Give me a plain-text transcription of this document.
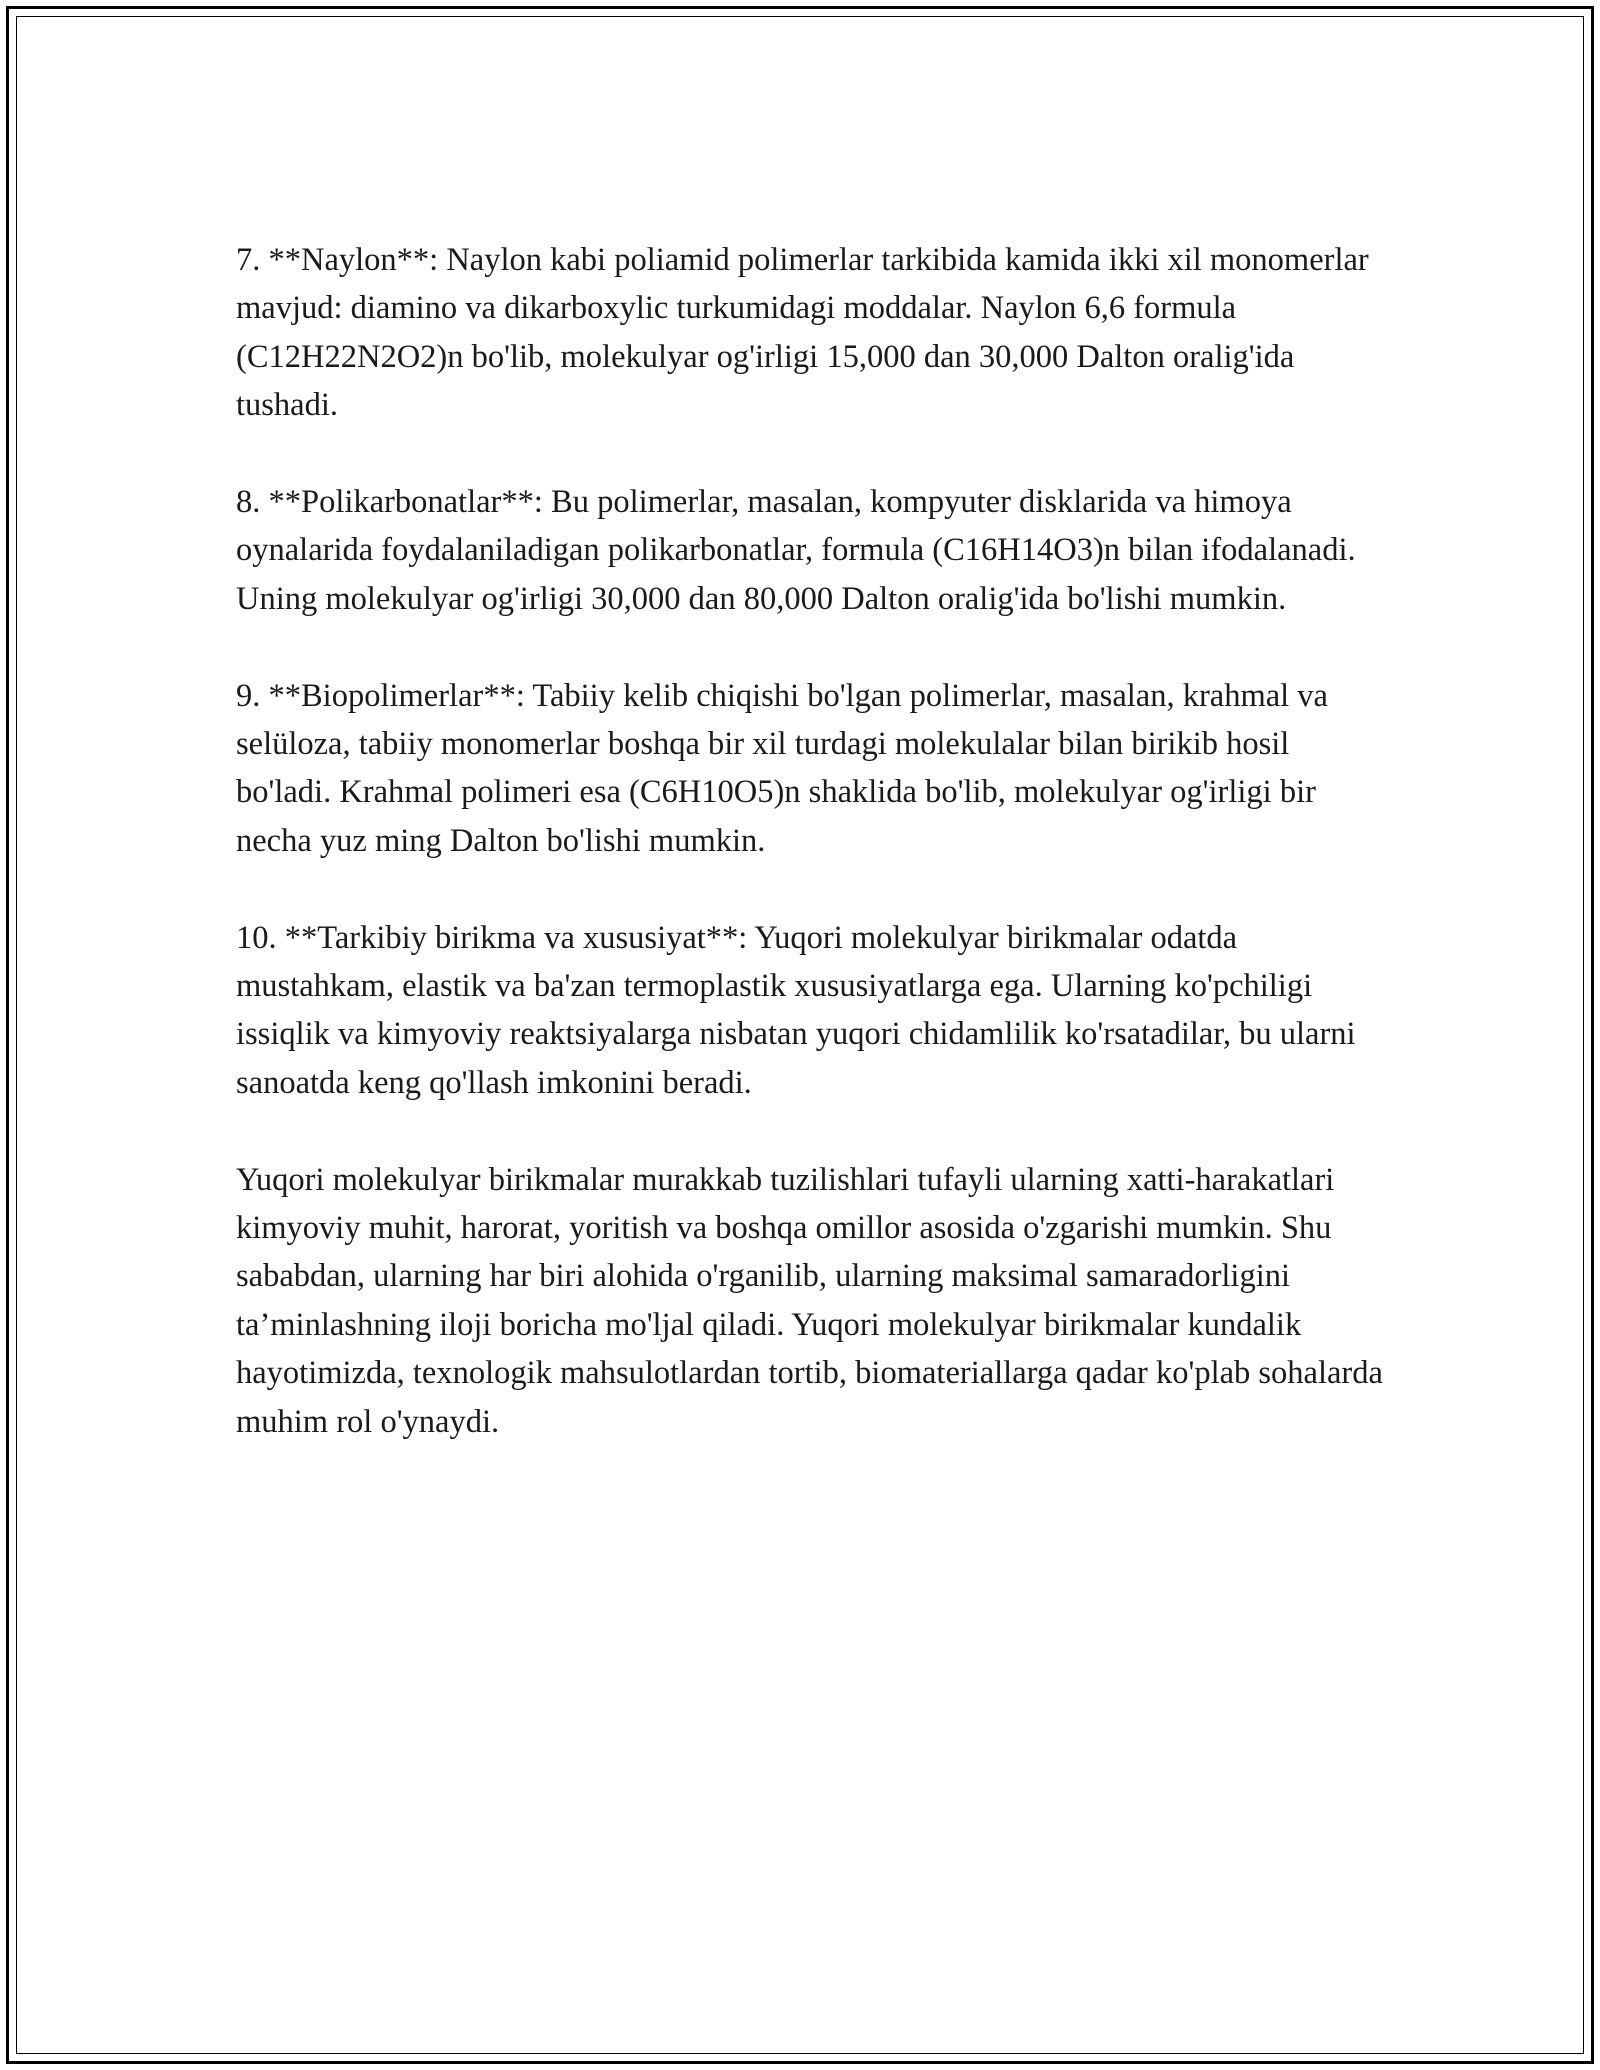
7. **Naylon**: Naylon kabi poliamid polimerlar tarkibida kamida ikki xil monomerlar mavjud: diamino va dikarboxylic turkumidagi moddalar. Naylon 6,6 formula (C12H22N2O2)n bo'lib, molekulyar og'irligi 15,000 dan 30,000 Dalton oralig'ida tushadi.

8. **Polikarbonatlar**: Bu polimerlar, masalan, kompyuter disklarida va himoya oynalarida foydalaniladigan polikarbonatlar, formula (C16H14O3)n bilan ifodalanadi. Uning molekulyar og'irligi 30,000 dan 80,000 Dalton oralig'ida bo'lishi mumkin.

9. **Biopolimerlar**: Tabiiy kelib chiqishi bo'lgan polimerlar, masalan, krahmal va selüloza, tabiiy monomerlar boshqa bir xil turdagi molekulalar bilan birikib hosil bo'ladi. Krahmal polimeri esa (C6H10O5)n shaklida bo'lib, molekulyar og'irligi bir necha yuz ming Dalton bo'lishi mumkin.

10. **Tarkibiy birikma va xususiyat**: Yuqori molekulyar birikmalar odatda mustahkam, elastik va ba'zan termoplastik xususiyatlarga ega. Ularning ko'pchiligi issiqlik va kimyoviy reaktsiyalarga nisbatan yuqori chidamlilik ko'rsatadilar, bu ularni sanoatda keng qo'llash imkonini beradi.

Yuqori molekulyar birikmalar murakkab tuzilishlari tufayli ularning xatti-harakatlari kimyoviy muhit, harorat, yoritish va boshqa omillor asosida o'zgarishi mumkin. Shu sababdan, ularning har biri alohida o'rganilib, ularning maksimal samaradorligini ta’minlashning iloji boricha mo'ljal qiladi. Yuqori molekulyar birikmalar kundalik hayotimizda, texnologik mahsulotlardan tortib, biomateriallarga qadar ko'plab sohalarda muhim rol o'ynaydi.
